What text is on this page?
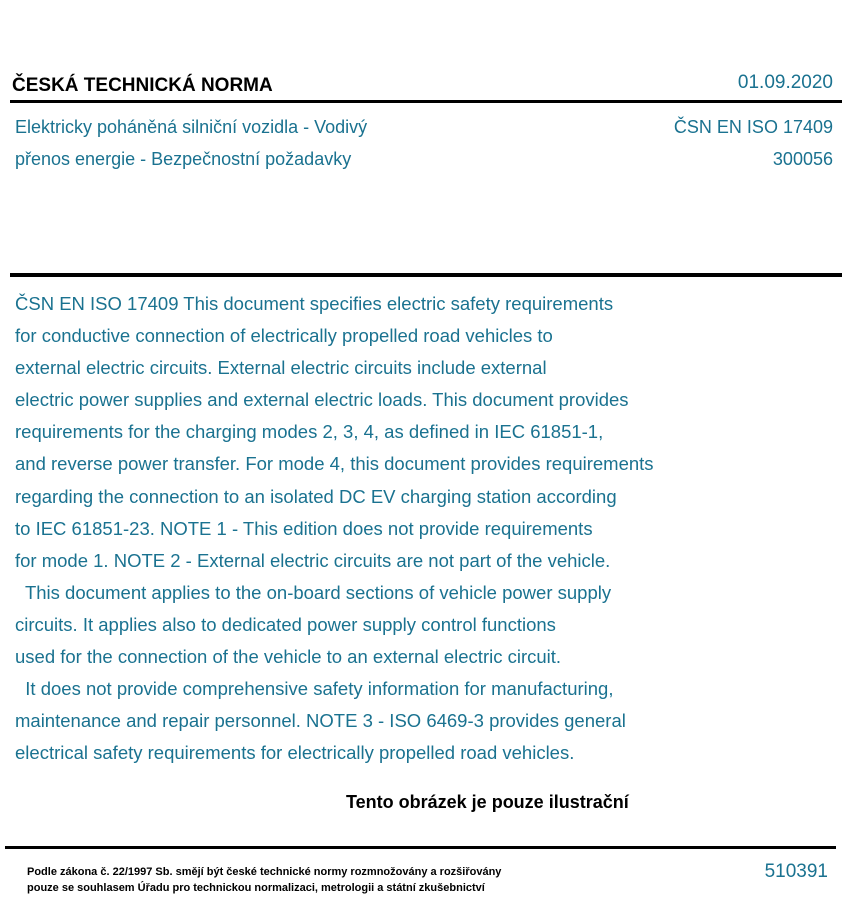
ČESKÁ TECHNICKÁ NORMA	01.09.2020
Elektricky poháněná silniční vozidla - Vodivý
přenos energie - Bezpečnostní požadavky
ČSN EN ISO 17409
300056
ČSN EN ISO 17409 This document specifies electric safety requirements
for conductive connection of electrically propelled road vehicles to
external electric circuits. External electric circuits include external
electric power supplies and external electric loads. This document provides
requirements for the charging modes 2, 3, 4, as defined in IEC 61851-1,
and reverse power transfer. For mode 4, this document provides requirements
regarding the connection to an isolated DC EV charging station according
to IEC 61851-23. NOTE 1 - This edition does not provide requirements
for mode 1. NOTE 2 - External electric circuits are not part of the vehicle.
This document applies to the on-board sections of vehicle power supply
circuits. It applies also to dedicated power supply control functions
used for the connection of the vehicle to an external electric circuit.
It does not provide comprehensive safety information for manufacturing,
maintenance and repair personnel. NOTE 3 - ISO 6469-3 provides general
electrical safety requirements for electrically propelled road vehicles.
Tento obrázek je pouze ilustrační
Podle zákona č. 22/1997 Sb. smějí být české technické normy rozmnožovány a rozšiřovány
pouze se souhlasem Úřadu pro technickou normalizaci, metrologii a státní zkušebnictví
510391
